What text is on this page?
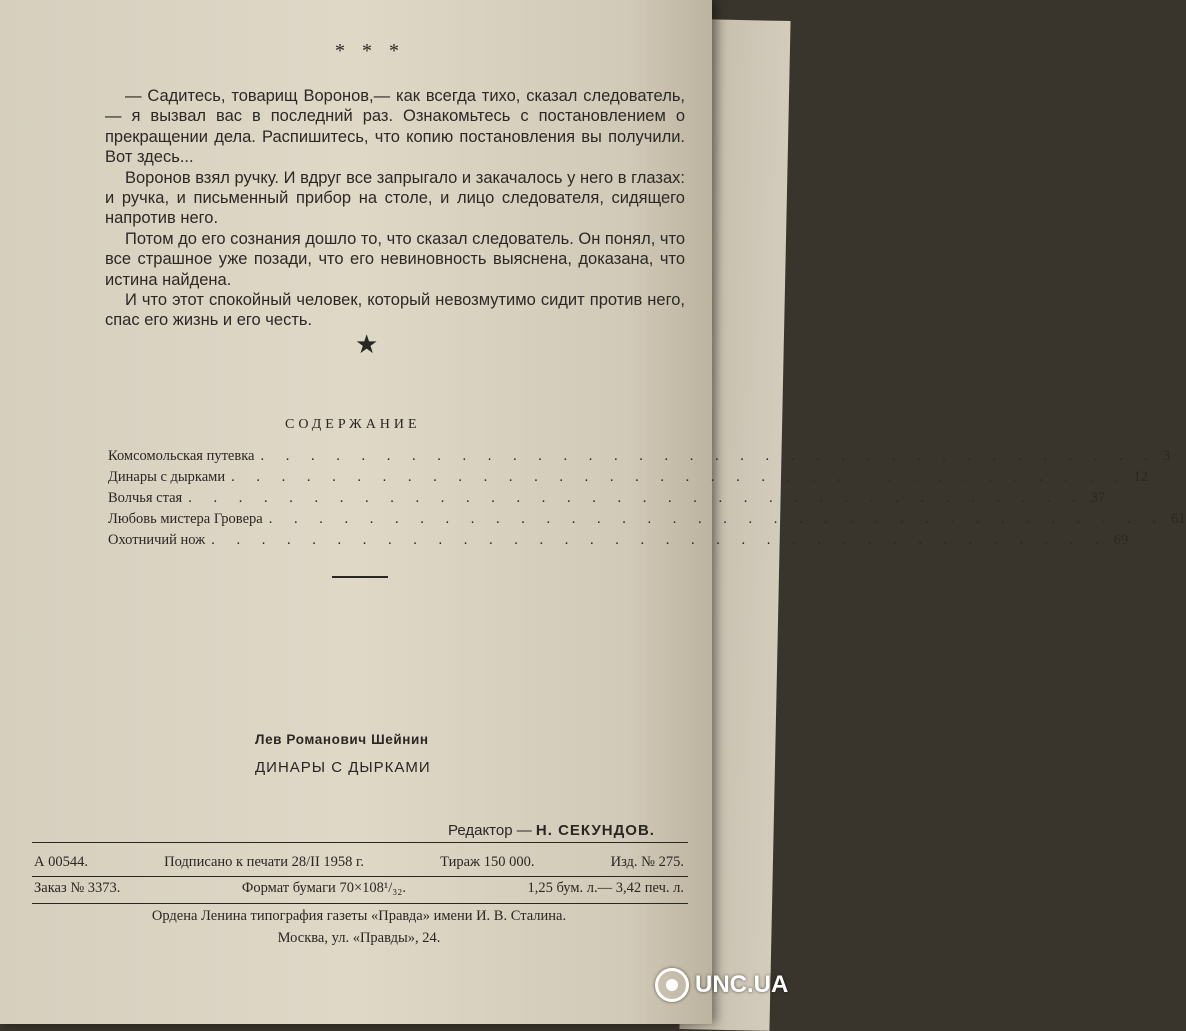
* * *

— Садитесь, товарищ Воронов,— как всегда тихо, сказал следователь,— я вызвал вас в последний раз. Ознакомьтесь с постановлением о прекращении дела. Распишитесь, что копию постановления вы получили. Вот здесь...

Воронов взял ручку. И вдруг все запрыгало и закачалось у него в глазах: и ручка, и письменный прибор на столе, и лицо следователя, сидящего напротив него.

Потом до его сознания дошло то, что сказал следователь. Он понял, что все страшное уже позади, что его невиновность выяснена, доказана, что истина найдена.

И что этот спокойный человек, который невозмутимо сидит против него, спас его жизнь и его честь.

★
СОДЕРЖАНИЕ
Комсомольская путевка . . . . . . . . . . . . . . . . . . . . . . . . . . . . . . . . . . . . 3
Динары с дырками . . . . . . . . . . . . . . . . . . . . . . . . . . . . . . . . . . . . 12
Волчья стая . . . . . . . . . . . . . . . . . . . . . . . . . . . . . . . . . . . . 37
Любовь мистера Гровера . . . . . . . . . . . . . . . . . . . . . . . . . . . . . . . . . . . . 61
Охотничий нож . . . . . . . . . . . . . . . . . . . . . . . . . . . . . . . . . . . . 69
Лев Романович Шейнин
ДИНАРЫ С ДЫРКАМИ
Редактор — Н. СЕКУНДОВ.
А 00544.	Подписано к печати 28/II 1958 г.	Тираж 150 000.	Изд. № 275.
Заказ № 3373.	Формат бумаги 70×108¹/₃₂.	1,25 бум. л.— 3,42 печ. л.
Ордена Ленина типография газеты «Правда» имени И. В. Сталина.
Москва, ул. «Правды», 24.
UNC.UA
